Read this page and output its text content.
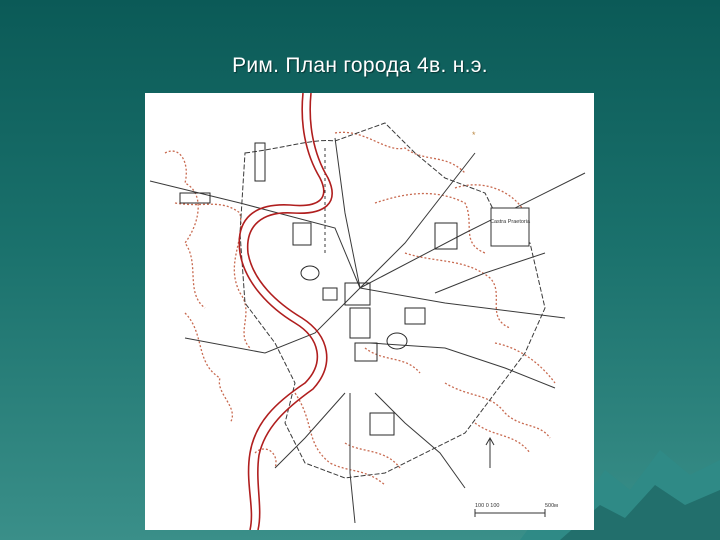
Рим. План города 4в. н.э.
Castra Praetoria
100 0 100	500м
*
